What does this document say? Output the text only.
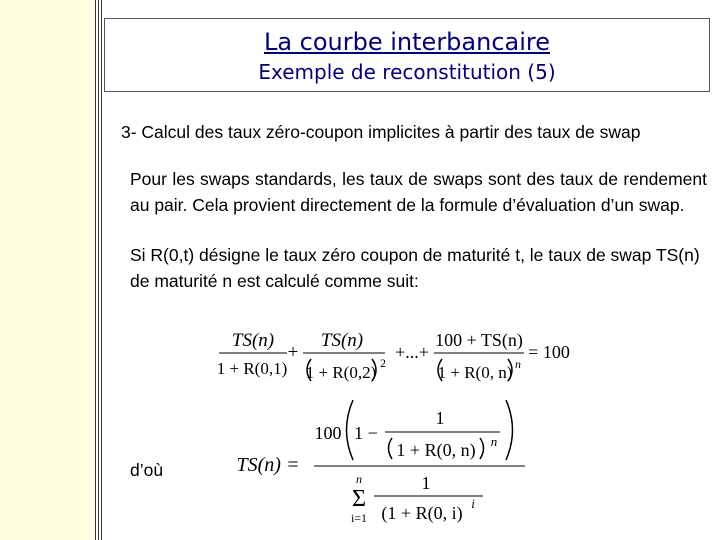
La courbe interbancaire
Exemple de reconstitution (5)
3- Calcul des taux zéro-coupon implicites à partir des taux de swap
Pour les swaps standards, les taux de swaps sont des taux de rendement au pair. Cela provient directement de la formule d’évaluation d’un swap.
Si R(0,t) désigne le taux zéro coupon de maturité t, le taux de swap TS(n) de maturité n est calculé comme suit:
d’où
TS(n)
1 + R(0,1)
+
TS(n)
1 + R(0,2) 2
+...+
100 + TS(n)
1 + R(0, n) n
= 100
TS(n) =
100 1 −
1
1 + R(0, n) n
n
Σ
i=1
1
(1 + R(0, i) i
